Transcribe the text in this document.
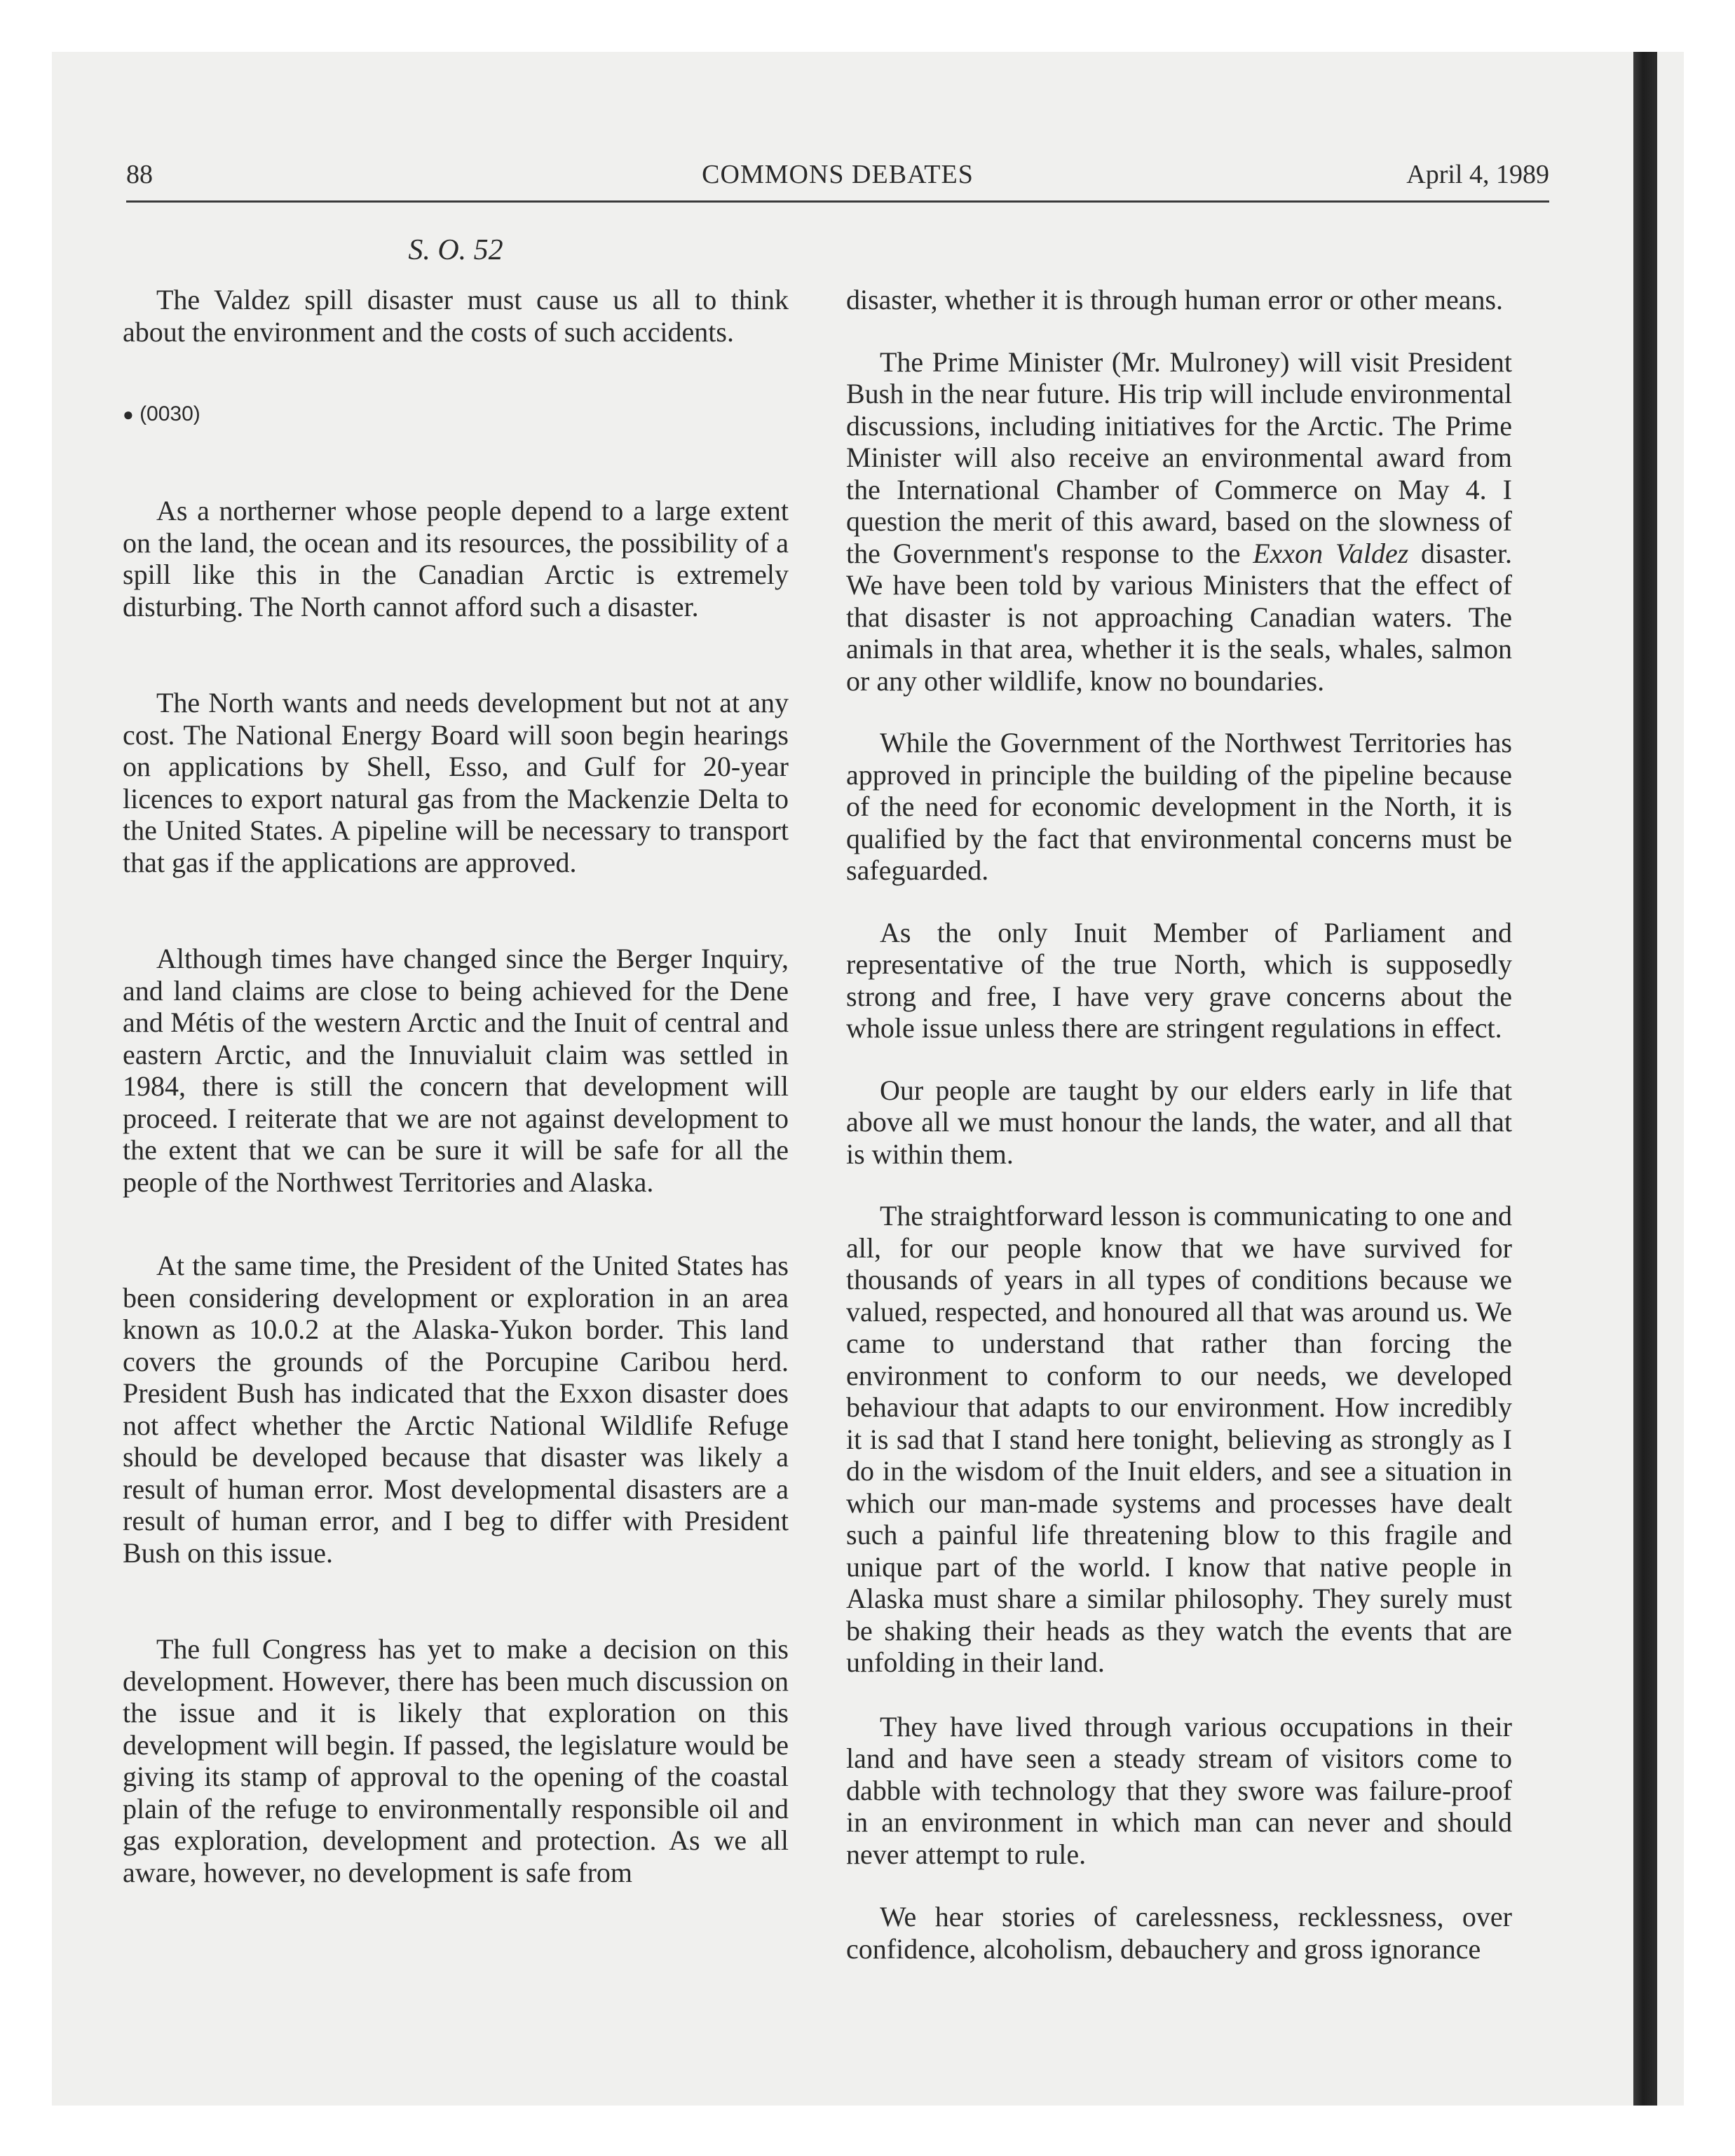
88	COMMONS DEBATES	April 4, 1989
S. O. 52

The Valdez spill disaster must cause us all to think about the environment and the costs of such accidents.

● (0030)

As a northerner whose people depend to a large extent on the land, the ocean and its resources, the possibility of a spill like this in the Canadian Arctic is extremely disturbing. The North cannot afford such a disaster.

The North wants and needs development but not at any cost. The National Energy Board will soon begin hearings on applications by Shell, Esso, and Gulf for 20-year licences to export natural gas from the Mackenzie Delta to the United States. A pipeline will be necessary to transport that gas if the applications are approved.

Although times have changed since the Berger Inquiry, and land claims are close to being achieved for the Dene and Métis of the western Arctic and the Inuit of central and eastern Arctic, and the Innuvialuit claim was settled in 1984, there is still the concern that development will proceed. I reiterate that we are not against development to the extent that we can be sure it will be safe for all the people of the Northwest Territories and Alaska.

At the same time, the President of the United States has been considering development or exploration in an area known as 10.0.2 at the Alaska-Yukon border. This land covers the grounds of the Porcupine Caribou herd. President Bush has indicated that the Exxon disaster does not affect whether the Arctic National Wildlife Refuge should be developed because that disaster was likely a result of human error. Most developmental disasters are a result of human error, and I beg to differ with President Bush on this issue.

The full Congress has yet to make a decision on this development. However, there has been much discussion on the issue and it is likely that exploration on this development will begin. If passed, the legislature would be giving its stamp of approval to the opening of the coastal plain of the refuge to environmentally responsible oil and gas exploration, development and protection. As we all aware, however, no development is safe from

disaster, whether it is through human error or other means.

The Prime Minister (Mr. Mulroney) will visit President Bush in the near future. His trip will include environmental discussions, including initiatives for the Arctic. The Prime Minister will also receive an environmental award from the International Chamber of Commerce on May 4. I question the merit of this award, based on the slowness of the Government's response to the Exxon Valdez disaster. We have been told by various Ministers that the effect of that disaster is not approaching Canadian waters. The animals in that area, whether it is the seals, whales, salmon or any other wildlife, know no boundaries.

While the Government of the Northwest Territories has approved in principle the building of the pipeline because of the need for economic development in the North, it is qualified by the fact that environmental concerns must be safeguarded.

As the only Inuit Member of Parliament and representative of the true North, which is supposedly strong and free, I have very grave concerns about the whole issue unless there are stringent regulations in effect.

Our people are taught by our elders early in life that above all we must honour the lands, the water, and all that is within them.

The straightforward lesson is communicating to one and all, for our people know that we have survived for thousands of years in all types of conditions because we valued, respected, and honoured all that was around us. We came to understand that rather than forcing the environment to conform to our needs, we developed behaviour that adapts to our environment. How incredibly it is sad that I stand here tonight, believing as strongly as I do in the wisdom of the Inuit elders, and see a situation in which our man-made systems and processes have dealt such a painful life threatening blow to this fragile and unique part of the world. I know that native people in Alaska must share a similar philosophy. They surely must be shaking their heads as they watch the events that are unfolding in their land.

They have lived through various occupations in their land and have seen a steady stream of visitors come to dabble with technology that they swore was failure-proof in an environment in which man can never and should never attempt to rule.

We hear stories of carelessness, recklessness, over confidence, alcoholism, debauchery and gross ignorance
